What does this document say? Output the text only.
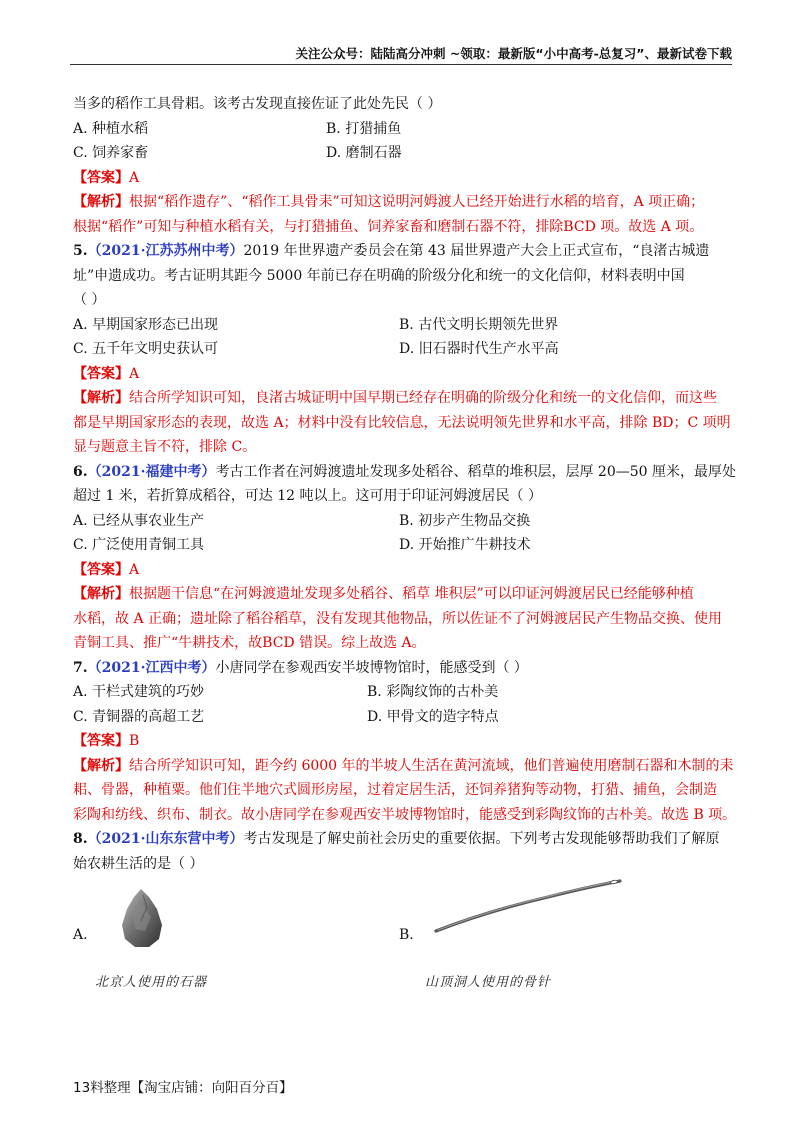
关注公众号：陆陆高分冲刺 ~领取：最新版“小中高考-总复习”、最新试卷下载
当多的稻作工具骨耜。该考古发现直接佐证了此处先民（ ）
A. 种植水稻	B. 打猎捕鱼
C. 饲养家畜	D. 磨制石器
【答案】A
【解析】根据“稻作遗存”、“稻作工具骨耒”可知这说明河姆渡人已经开始进行水稻的培育，A 项正确；
根据“稻作”可知与种植水稻有关，与打猎捕鱼、饲养家畜和磨制石器不符，排除BCD 项。故选 A 项。
5.（2021·江苏苏州中考）2019 年世界遗产委员会在第 43 届世界遗产大会上正式宣布，“良渚古城遗
址”申遗成功。考古证明其距今 5000 年前已存在明确的阶级分化和统一的文化信仰，材料表明中国
（ ）
A. 早期国家形态已出现	B. 古代文明长期领先世界
C. 五千年文明史获认可	D. 旧石器时代生产水平高
【答案】A
【解析】结合所学知识可知，良渚古城证明中国早期已经存在明确的阶级分化和统一的文化信仰，而这些
都是早期国家形态的表现，故选 A；材料中没有比较信息，无法说明领先世界和水平高，排除 BD；C 项明
显与题意主旨不符，排除 C。
6.（2021·福建中考）考古工作者在河姆渡遗址发现多处稻谷、稻草的堆积层，层厚 20—50 厘米，最厚处
超过 1 米，若折算成稻谷，可达 12 吨以上。这可用于印证河姆渡居民（ ）
A. 已经从事农业生产	B. 初步产生物品交换
C. 广泛使用青铜工具	D. 开始推广牛耕技术
【答案】A
【解析】根据题干信息“在河姆渡遗址发现多处稻谷、稻草 堆积层”可以印证河姆渡居民已经能够种植
水稻，故 A 正确；遗址除了稻谷稻草，没有发现其他物品，所以佐证不了河姆渡居民产生物品交换、使用
青铜工具、推广“牛耕技术，故BCD 错误。综上故选 A。
7.（2021·江西中考）小唐同学在参观西安半坡博物馆时，能感受到（ ）
A. 干栏式建筑的巧妙	B. 彩陶纹饰的古朴美
C. 青铜器的高超工艺	D. 甲骨文的造字特点
【答案】B
【解析】结合所学知识可知，距今约 6000 年的半坡人生活在黄河流域，他们普遍使用磨制石器和木制的耒
耜、骨器，种植粟。他们住半地穴式圆形房屋，过着定居生活，还饲养猪狗等动物，打猎、捕鱼，会制造
彩陶和纺线、织布、制衣。故小唐同学在参观西安半坡博物馆时，能感受到彩陶纹饰的古朴美。故选 B 项。
8.（2021·山东东营中考）考古发现是了解史前社会历史的重要依据。下列考古发现能够帮助我们了解原
始农耕生活的是（ ）
A.
北京人使用的石器
B.
山顶洞人使用的骨针
13料整理【淘宝店铺：向阳百分百】
